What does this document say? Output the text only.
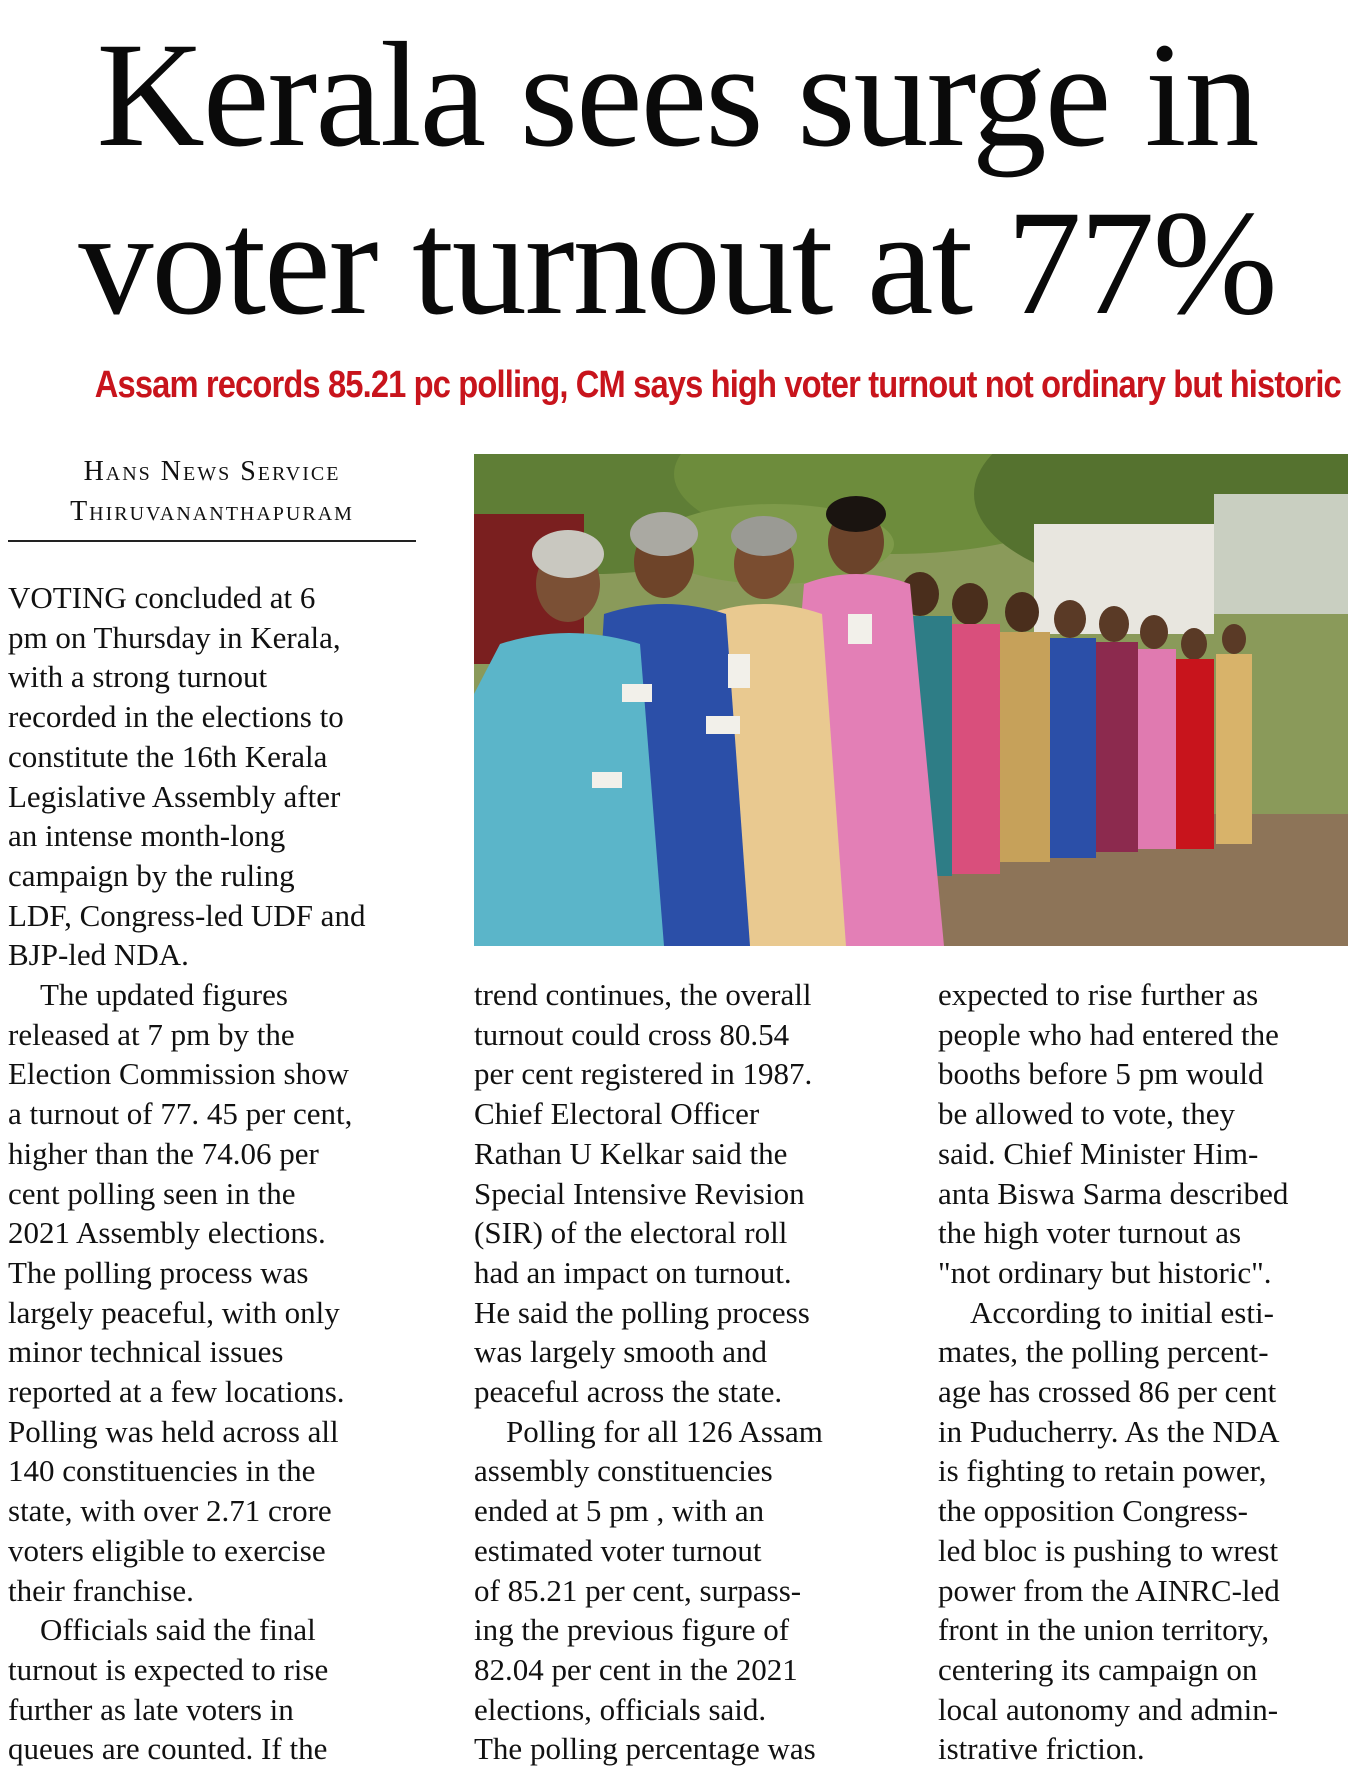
Kerala sees surge in
voter turnout at 77%
Assam records 85.21 pc polling, CM says high voter turnout not ordinary but historic
Hans News Service
Thiruvananthapuram

VOTING concluded at 6

pm on Thursday in Kerala,

with a strong turnout

recorded in the elections to

constitute the 16th Kerala

Legislative Assembly after

an intense month-long

campaign by the ruling

LDF, Congress-led UDF and

BJP-led NDA.

The updated figures

released at 7 pm by the

Election Commission show

a turnout of 77. 45 per cent,

higher than the 74.06 per

cent polling seen in the

2021 Assembly elections.

The polling process was

largely peaceful, with only

minor technical issues

reported at a few locations.

Polling was held across all

140 constituencies in the

state, with over 2.71 crore

voters eligible to exercise

their franchise.

Officials said the final

turnout is expected to rise

further as late voters in

queues are counted. If the

trend continues, the overall

turnout could cross 80.54

per cent registered in 1987.

Chief Electoral Officer

Rathan U Kelkar said the

Special Intensive Revision

(SIR) of the electoral roll

had an impact on turnout.

He said the polling process

was largely smooth and

peaceful across the state.

Polling for all 126 Assam

assembly constituencies

ended at 5 pm , with an

estimated voter turnout

of 85.21 per cent, surpass-

ing the previous figure of

82.04 per cent in the 2021

elections, officials said.

The polling percentage was

expected to rise further as

people who had entered the

booths before 5 pm would

be allowed to vote, they

said. Chief Minister Him-

anta Biswa Sarma described

the high voter turnout as

"not ordinary but historic".

According to initial esti-

mates, the polling percent-

age has crossed 86 per cent

in Puducherry. As the NDA

is fighting to retain power,

the opposition Congress-

led bloc is pushing to wrest

power from the AINRC-led

front in the union territory,

centering its campaign on

local autonomy and admin-

istrative friction.
